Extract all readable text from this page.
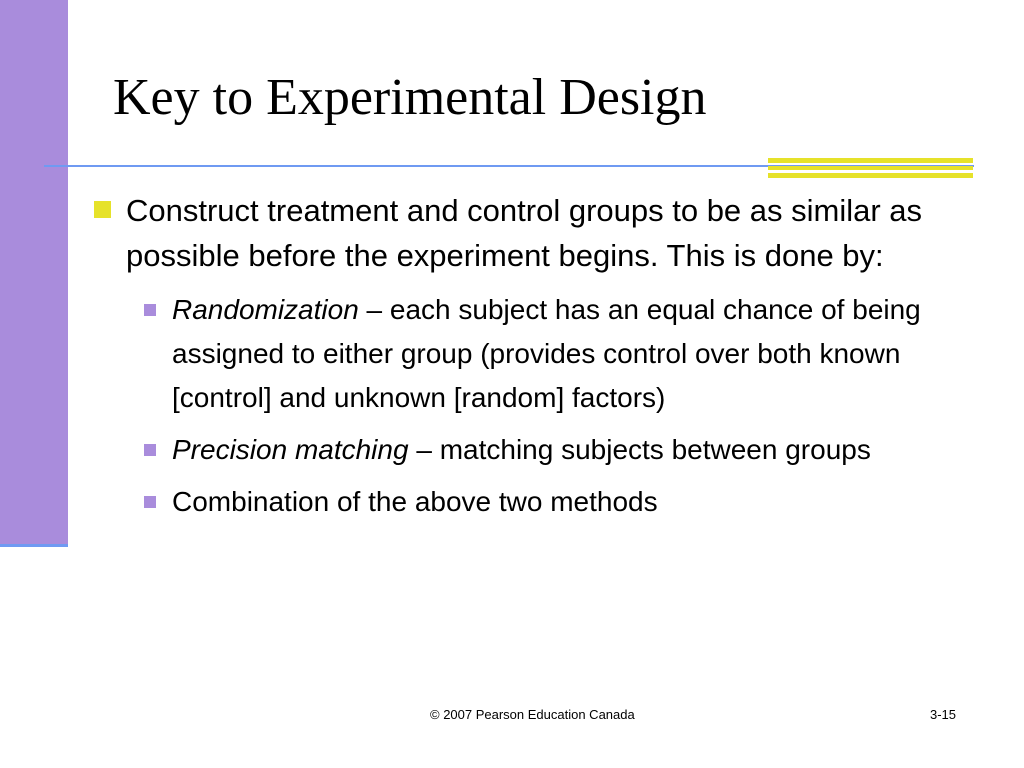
Key to Experimental Design
Construct treatment and control groups to be as similar as possible before the experiment begins. This is done by:
Randomization – each subject has an equal chance of being assigned to either group (provides control over both known [control] and unknown [random] factors)
Precision matching – matching subjects between groups
Combination of the above two methods
© 2007 Pearson Education Canada	3-15
